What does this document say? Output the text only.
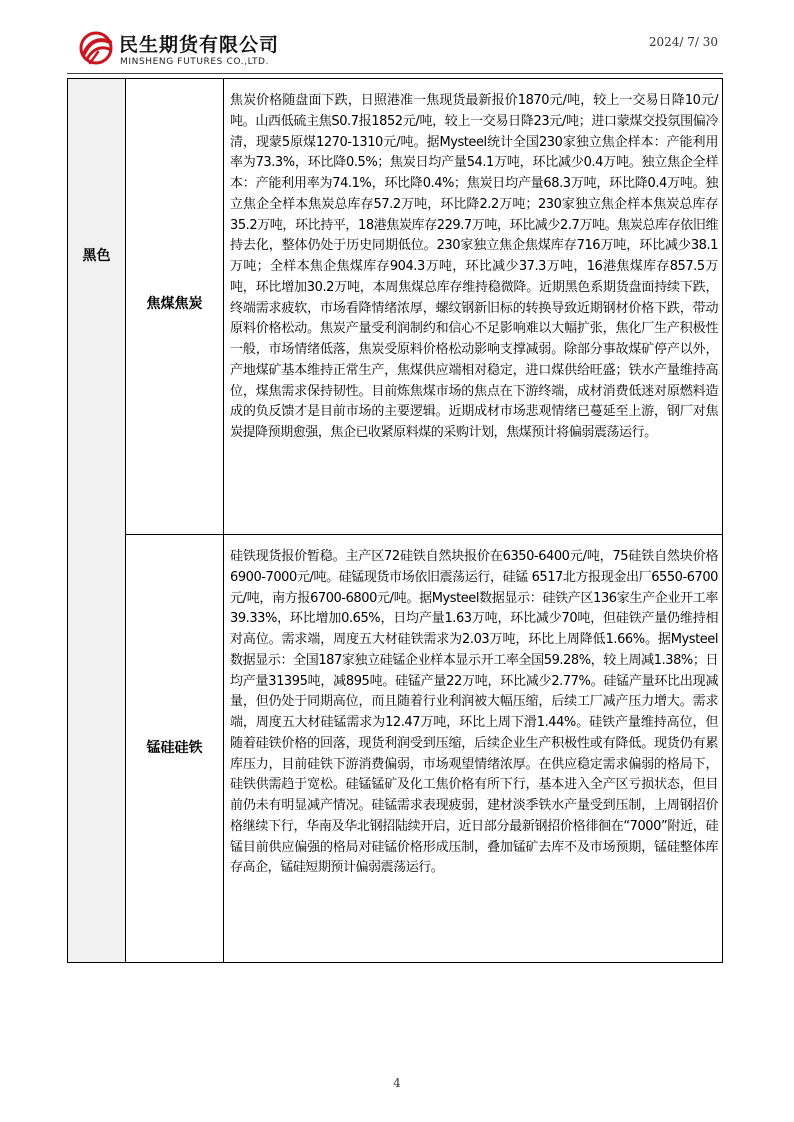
民生期货有限公司
MINSHENG FUTURES CO.,LTD.
2024/ 7/ 30
黑色
焦煤焦炭
焦炭价格随盘面下跌，日照港准一焦现货最新报价1870元/吨，较上一交易日降10元/吨。山西低硫主焦S0.7报1852元/吨，较上一交易日降23元/吨；进口蒙煤交投氛围偏冷清，现蒙5原煤1270-1310元/吨。据Mysteel统计全国230家独立焦企样本：产能利用率为73.3%，环比降0.5%；焦炭日均产量54.1万吨，环比减少0.4万吨。独立焦企全样本：产能利用率为74.1%，环比降0.4%；焦炭日均产量68.3万吨，环比降0.4万吨。独立焦企全样本焦炭总库存57.2万吨，环比降2.2万吨；230家独立焦企样本焦炭总库存35.2万吨，环比持平，18港焦炭库存229.7万吨，环比减少2.7万吨。焦炭总库存依旧维持去化，整体仍处于历史同期低位。230家独立焦企焦煤库存716万吨，环比减少38.1万吨；全样本焦企焦煤库存904.3万吨，环比减少37.3万吨，16港焦煤库存857.5万吨，环比增加30.2万吨，本周焦煤总库存维持稳微降。近期黑色系期货盘面持续下跌，终端需求疲软，市场看降情绪浓厚，螺纹钢新旧标的转换导致近期钢材价格下跌，带动原料价格松动。焦炭产量受利润制约和信心不足影响难以大幅扩张，焦化厂生产积极性一般，市场情绪低落，焦炭受原料价格松动影响支撑减弱。除部分事故煤矿停产以外，产地煤矿基本维持正常生产，焦煤供应端相对稳定，进口煤供给旺盛；铁水产量维持高位，煤焦需求保持韧性。目前炼焦煤市场的焦点在下游终端，成材消费低迷对原燃料造成的负反馈才是目前市场的主要逻辑。近期成材市场悲观情绪已蔓延至上游，钢厂对焦炭提降预期愈强，焦企已收紧原料煤的采购计划，焦煤预计将偏弱震荡运行。
锰硅硅铁
硅铁现货报价暂稳。主产区72硅铁自然块报价在6350-6400元/吨，75硅铁自然块价格6900-7000元/吨。硅锰现货市场依旧震荡运行，硅锰 6517北方报现金出厂6550-6700元/吨，南方报6700-6800元/吨。据Mysteel数据显示：硅铁产区136家生产企业开工率39.33%，环比增加0.65%，日均产量1.63万吨，环比减少70吨，但硅铁产量仍维持相对高位。需求端，周度五大材硅铁需求为2.03万吨，环比上周降低1.66%。据Mysteel数据显示：全国187家独立硅锰企业样本显示开工率全国59.28%，较上周减1.38%；日均产量31395吨，减895吨。硅锰产量22万吨，环比减少2.77%。硅锰产量环比出现减量，但仍处于同期高位，而且随着行业利润被大幅压缩，后续工厂减产压力增大。需求端，周度五大材硅锰需求为12.47万吨，环比上周下滑1.44%。硅铁产量维持高位，但随着硅铁价格的回落，现货利润受到压缩，后续企业生产积极性或有降低。现货仍有累库压力，目前硅铁下游消费偏弱，市场观望情绪浓厚。在供应稳定需求偏弱的格局下，硅铁供需趋于宽松。硅锰锰矿及化工焦价格有所下行，基本进入全产区亏损状态，但目前仍未有明显减产情况。硅锰需求表现疲弱，建材淡季铁水产量受到压制，上周钢招价格继续下行，华南及华北钢招陆续开启，近日部分最新钢招价格徘徊在“7000”附近，硅锰目前供应偏强的格局对硅锰价格形成压制，叠加锰矿去库不及市场预期，锰硅整体库存高企，锰硅短期预计偏弱震荡运行。
4
